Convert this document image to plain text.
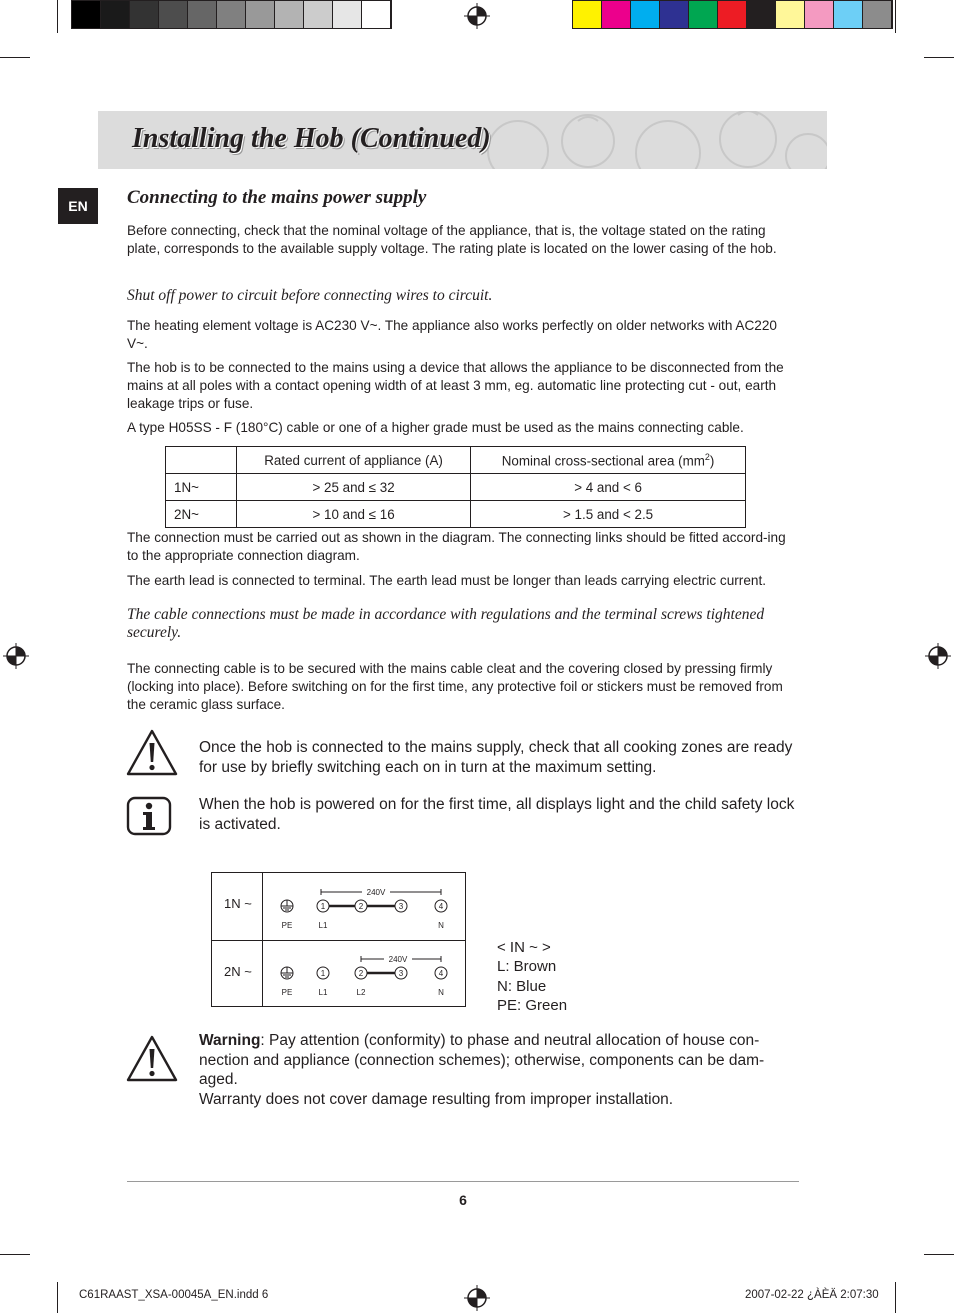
Installing the Hob (Continued)
EN	Connecting to the mains power supply

Before connecting, check that the nominal voltage of the appliance, that is, the voltage stated on the rating plate, corresponds to the available supply voltage. The rating plate is located on the lower casing of the hob.

Shut off power to circuit before connecting wires to circuit.

The heating element voltage is AC230 V~. The appliance also works perfectly on older networks with AC220 V~.

The hob is to be connected to the mains using a device that allows the appliance to be disconnected from the mains at all poles with a contact opening width of at least 3 mm, eg. automatic line protecting cut - out, earth leakage trips or fuse.

A type H05SS - F (180°C) cable or one of a higher grade must be used as the mains connecting cable.

	Rated current of appliance (A)	Nominal cross-sectional area $(mm^2)$
1N~	> 25 and ≤ 32	> 4 and < 6
2N~	> 10 and ≤ 16	> 1.5 and < 2.5

The connection must be carried out as shown in the diagram. The connecting links should be fitted accord-ing to the appropriate connection diagram.

The earth lead is connected to terminal. The earth lead must be longer than leads carrying electric current.

The cable connections must be made in accordance with regulations and the terminal screws tightened securely.

The connecting cable is to be secured with the mains cable cleat and the covering closed by pressing firmly (locking into place). Before switching on for the first time, any protective foil or stickers must be removed from the ceramic glass surface.

Once the hob is connected to the mains supply, check that all cooking zones are ready for use by briefly switching each on in turn at the maximum setting.

When the hob is powered on for the first time, all displays light and the child safety lock is activated.

1N ~
2N ~
240V
1	2	3	4
PE	L1	N
240V
1	2	3	4
PE	L1	L2	N
< IN ~ >
L: Brown
N: Blue
PE: Green

Warning: Pay attention (conformity) to phase and neutral allocation of house con-nection and appliance (connection schemes); otherwise, components can be dam-aged.
Warranty does not cover damage resulting from improper installation.

6
C61RAAST_XSA-00045A_EN.indd 6	2007-02-22 ¿ÀÈÄ 2:07:30
